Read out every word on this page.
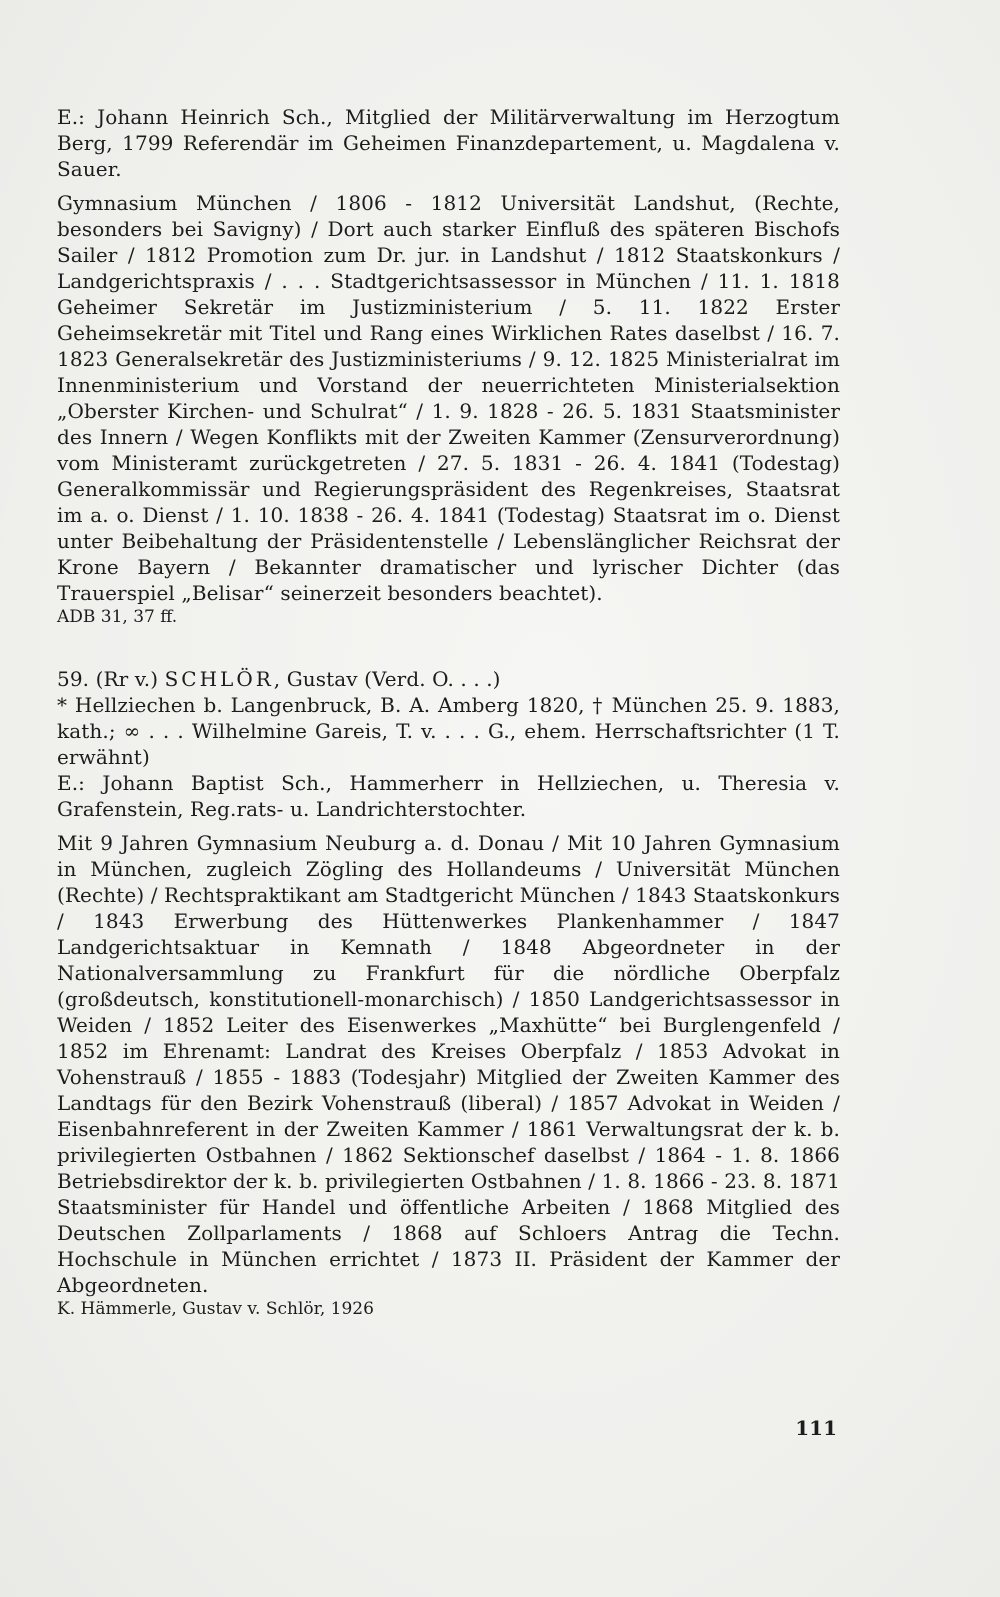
E.: Johann Heinrich Sch., Mitglied der Militärverwaltung im Herzogtum Berg, 1799 Referendär im Geheimen Finanzdepartement, u. Magdalena v. Sauer.

Gymnasium München / 1806 - 1812 Universität Landshut, (Rechte, besonders bei Savigny) / Dort auch starker Einfluß des späteren Bischofs Sailer / 1812 Promotion zum Dr. jur. in Landshut / 1812 Staatskonkurs / Landgerichtspraxis / . . . Stadtgerichtsassessor in München / 11. 1. 1818 Geheimer Sekretär im Justizministerium / 5. 11. 1822 Erster Geheimsekretär mit Titel und Rang eines Wirklichen Rates daselbst / 16. 7. 1823 Generalsekretär des Justizministeriums / 9. 12. 1825 Ministerialrat im Innenministerium und Vorstand der neuerrichteten Ministerialsektion „Oberster Kirchen- und Schulrat“ / 1. 9. 1828 - 26. 5. 1831 Staatsminister des Innern / Wegen Konflikts mit der Zweiten Kammer (Zensurverordnung) vom Ministeramt zurückgetreten / 27. 5. 1831 - 26. 4. 1841 (Todestag) Generalkommissär und Regierungspräsident des Regenkreises, Staatsrat im a. o. Dienst / 1. 10. 1838 - 26. 4. 1841 (Todestag) Staatsrat im o. Dienst unter Beibehaltung der Präsidentenstelle / Lebenslänglicher Reichsrat der Krone Bayern / Bekannter dramatischer und lyrischer Dichter (das Trauerspiel „Belisar“ seinerzeit besonders beachtet).

ADB 31, 37 ff.

59. (Rr v.) SCHLÖR, Gustav (Verd. O. . . .)

* Hellziechen b. Langenbruck, B. A. Amberg 1820, † München 25. 9. 1883, kath.; ∞ . . . Wilhelmine Gareis, T. v. . . . G., ehem. Herrschaftsrichter (1 T. erwähnt)

E.: Johann Baptist Sch., Hammerherr in Hellziechen, u. Theresia v. Grafenstein, Reg.rats- u. Landrichterstochter.

Mit 9 Jahren Gymnasium Neuburg a. d. Donau / Mit 10 Jahren Gymnasium in München, zugleich Zögling des Hollandeums / Universität München (Rechte) / Rechtspraktikant am Stadtgericht München / 1843 Staatskonkurs / 1843 Erwerbung des Hüttenwerkes Plankenhammer / 1847 Landgerichtsaktuar in Kemnath / 1848 Abgeordneter in der Nationalversammlung zu Frankfurt für die nördliche Oberpfalz (großdeutsch, konstitutionell-monarchisch) / 1850 Landgerichtsassessor in Weiden / 1852 Leiter des Eisenwerkes „Maxhütte“ bei Burglengenfeld / 1852 im Ehrenamt: Landrat des Kreises Oberpfalz / 1853 Advokat in Vohenstrauß / 1855 - 1883 (Todesjahr) Mitglied der Zweiten Kammer des Landtags für den Bezirk Vohenstrauß (liberal) / 1857 Advokat in Weiden / Eisenbahnreferent in der Zweiten Kammer / 1861 Verwaltungsrat der k. b. privilegierten Ostbahnen / 1862 Sektionschef daselbst / 1864 - 1. 8. 1866 Betriebsdirektor der k. b. privilegierten Ostbahnen / 1. 8. 1866 - 23. 8. 1871 Staatsminister für Handel und öffentliche Arbeiten / 1868 Mitglied des Deutschen Zollparlaments / 1868 auf Schloers Antrag die Techn. Hochschule in München errichtet / 1873 II. Präsident der Kammer der Abgeordneten.

K. Hämmerle, Gustav v. Schlör, 1926

111
